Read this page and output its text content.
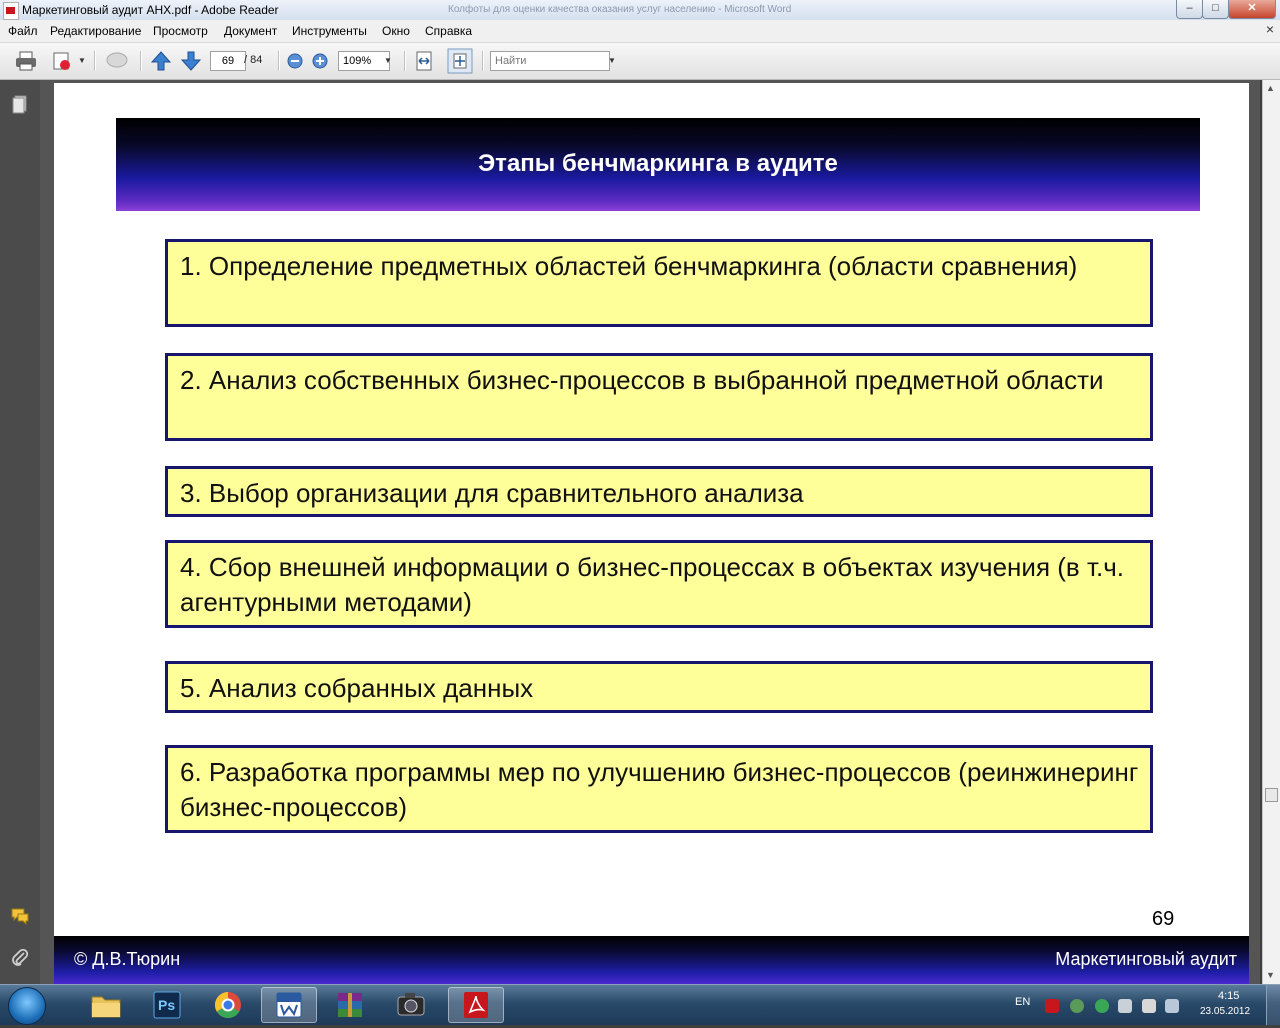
Маркетинговый аудит АНХ.pdf - Adobe Reader	Колфоты для оценки качества оказания услуг населению - Microsoft Word	–	□	✕
Файл Редактирование Просмотр Документ Инструменты Окно Справка	×
▼
69	/ 84
109%	▼
Найти	▼
Этапы бенчмаркинга в аудите
1. Определение предметных областей бенчмаркинга (области сравнения)
2. Анализ собственных бизнес-процессов в выбранной предметной области
3. Выбор организации для сравнительного анализа
4. Сбор внешней информации о бизнес-процессах в объектах изучения (в т.ч. агентурными методами)
5. Анализ собранных данных
6. Разработка программы мер по улучшению бизнес-процессов (реинжинеринг бизнес-процессов)
69
© Д.В.Тюрин	Маркетинговый аудит
▲
▼
Ps	EN	4:15
23.05.2012
